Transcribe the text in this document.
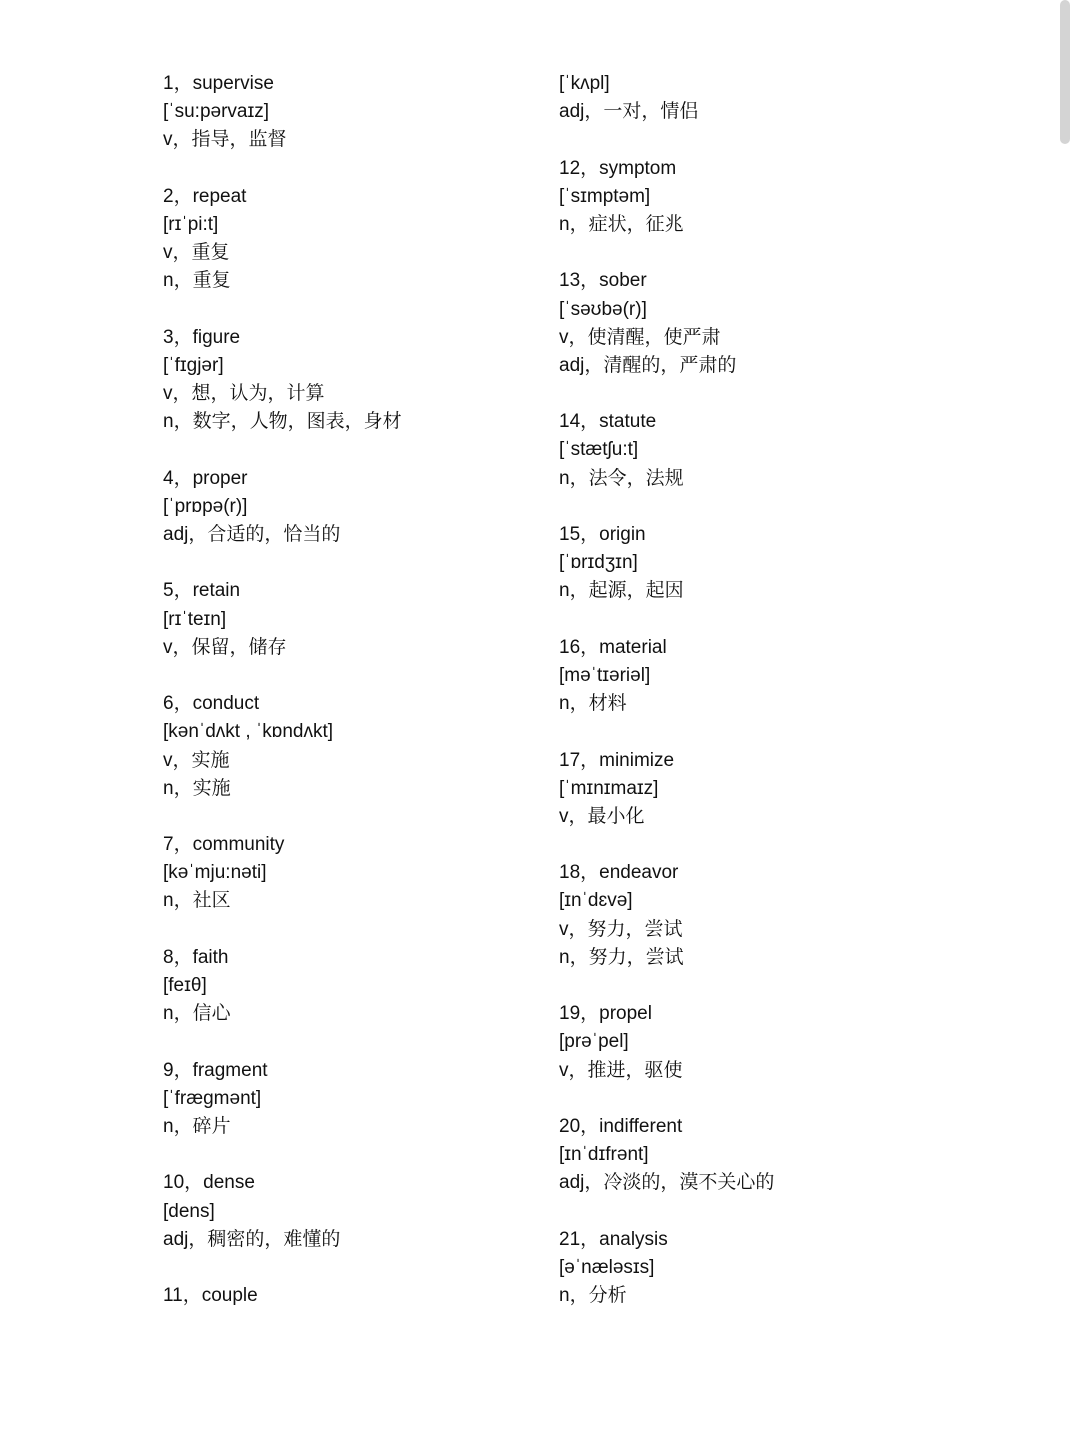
1，supervise
[ˈsu:pərvaɪz]
v，指导，监督
2，repeat
[rɪˈpi:t]
v，重复
n，重复
3，figure
[ˈfɪgjər]
v，想，认为，计算
n，数字，人物，图表，身材
4，proper
[ˈprɒpə(r)]
adj，合适的，恰当的
5，retain
[rɪˈteɪn]
v，保留，储存
6，conduct
[kənˈdʌkt , ˈkɒndʌkt]
v，实施
n，实施
7，community
[kəˈmju:nəti]
n，社区
8，faith
[feɪθ]
n，信心
9，fragment
[ˈfrægmənt]
n，碎片
10，dense
[dens]
adj，稠密的，难懂的
11，couple
[ˈkʌpl]
adj，一对，情侣
12，symptom
[ˈsɪmptəm]
n，症状，征兆
13，sober
[ˈsəʊbə(r)]
v，使清醒，使严肃
adj，清醒的，严肃的
14，statute
[ˈstætʃu:t]
n，法令，法规
15，origin
[ˈɒrɪdʒɪn]
n，起源，起因
16，material
[məˈtɪəriəl]
n，材料
17，minimize
[ˈmɪnɪmaɪz]
v，最小化
18，endeavor
[ɪnˈdɛvə]
v，努力，尝试
n，努力，尝试
19，propel
[prəˈpel]
v，推进，驱使
20，indifferent
[ɪnˈdɪfrənt]
adj，冷淡的，漠不关心的
21，analysis
[əˈnæləsɪs]
n，分析
